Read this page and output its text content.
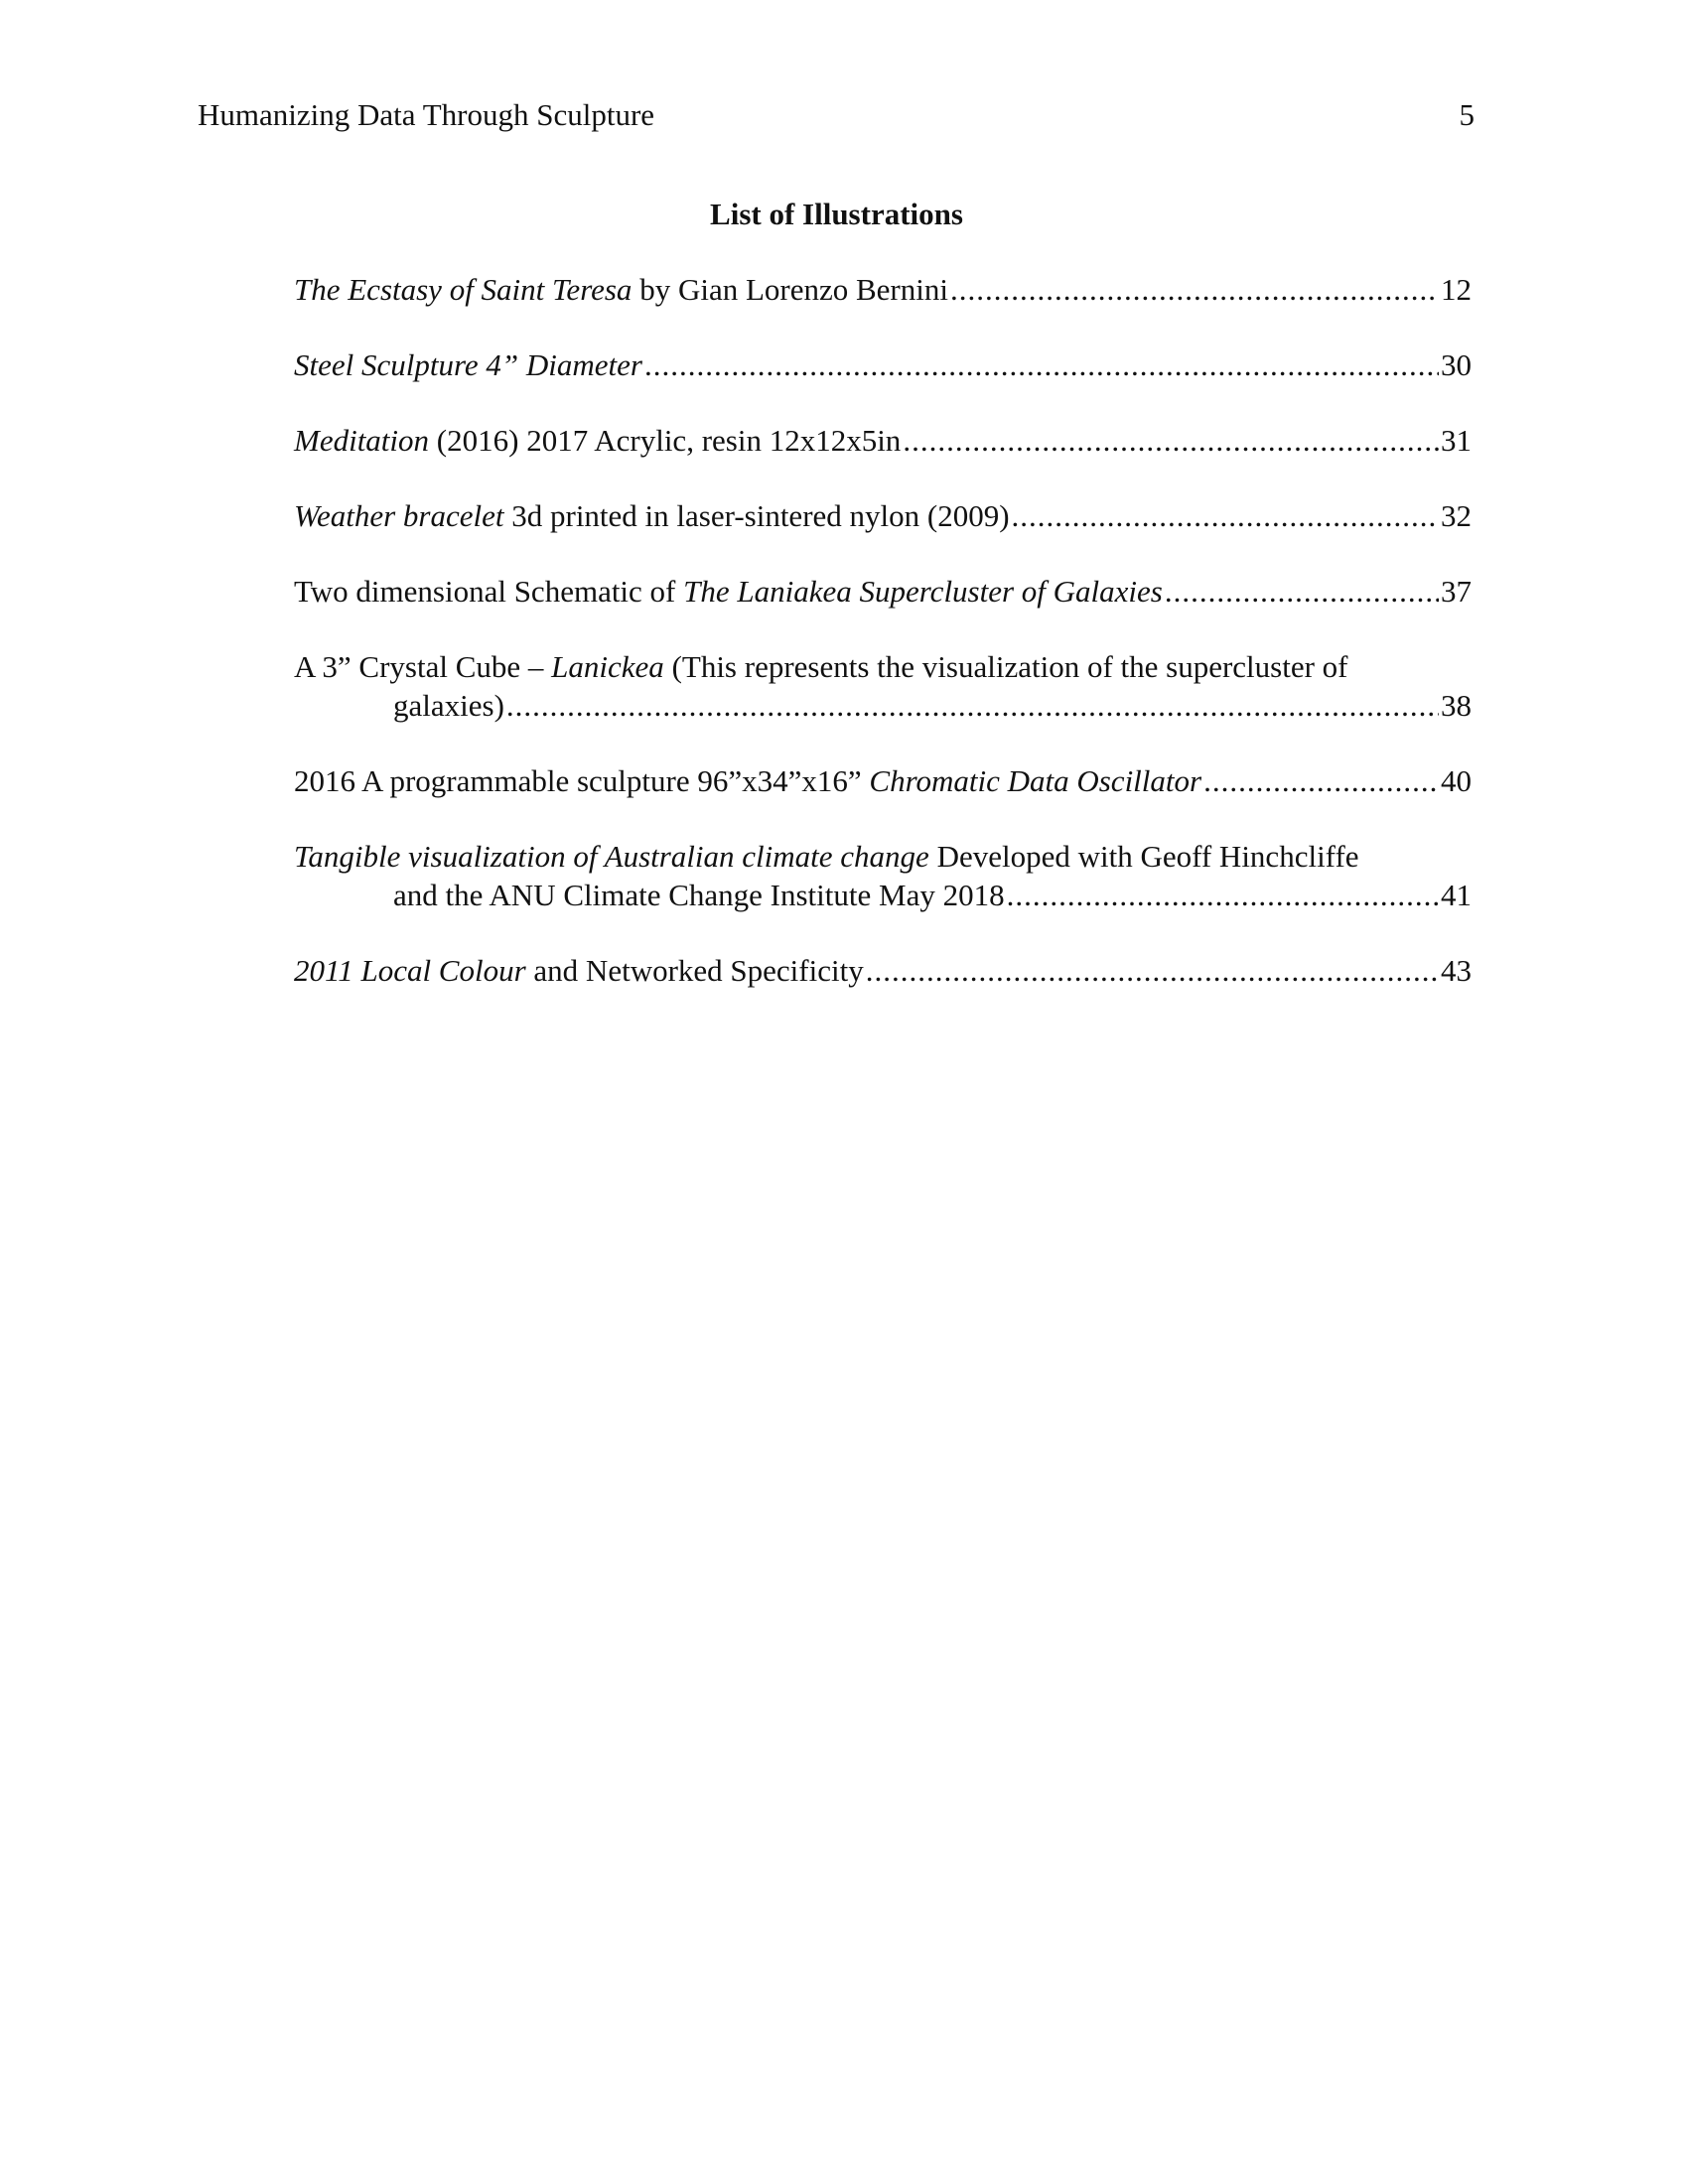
Humanizing Data Through Sculpture	5
List of Illustrations
The Ecstasy of Saint Teresa by Gian Lorenzo Bernini .....	12
Steel Sculpture 4” Diameter .....	30
Meditation (2016) 2017 Acrylic, resin 12x12x5in .....	31
Weather bracelet 3d printed in laser-sintered nylon (2009) .....	32
Two dimensional Schematic of The Laniakea Supercluster of Galaxies .....	37
A 3” Crystal Cube – Lanickea (This represents the visualization of the supercluster of
galaxies) .....	38
2016 A programmable sculpture 96”x34”x16” Chromatic Data Oscillator .....	40
Tangible visualization of Australian climate change Developed with Geoff Hinchcliffe
and the ANU Climate Change Institute May 2018 .....	41
2011 Local Colour and Networked Specificity .....	43
